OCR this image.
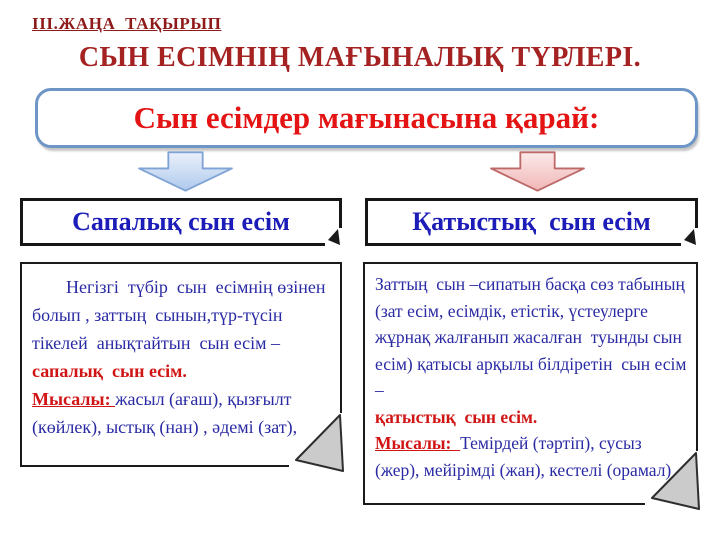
ІІІ.ЖАҢА  ТАҚЫРЫП
СЫН ЕСІМНІҢ МАҒЫНАЛЫҚ ТҮРЛЕРІ.
Сын есімдер мағынасына қарай:
Сапалық сын есім	Қатыстық  сын есім
Негізгі  түбір  сын  есімнің өзінен болып , заттың  сынын,түр-түсін тікелей  анықтайтын  сын есім –
сапалық  сын есім.
Мысалы: жасыл (ағаш), қызғылт (көйлек), ыстық (нан) , әдемі (зат),
Заттың  сын –сипатын басқа сөз табының (зат есім, есімдік, етістік, үстеулерге жұрнақ жалғанып жасалған  туынды сын есім) қатысы арқылы білдіретін  сын есім –
қатыстық  сын есім.
Мысалы:  Темірдей (тәртіп), сусыз (жер), мейірімді (жан), кестелі (орамал)
